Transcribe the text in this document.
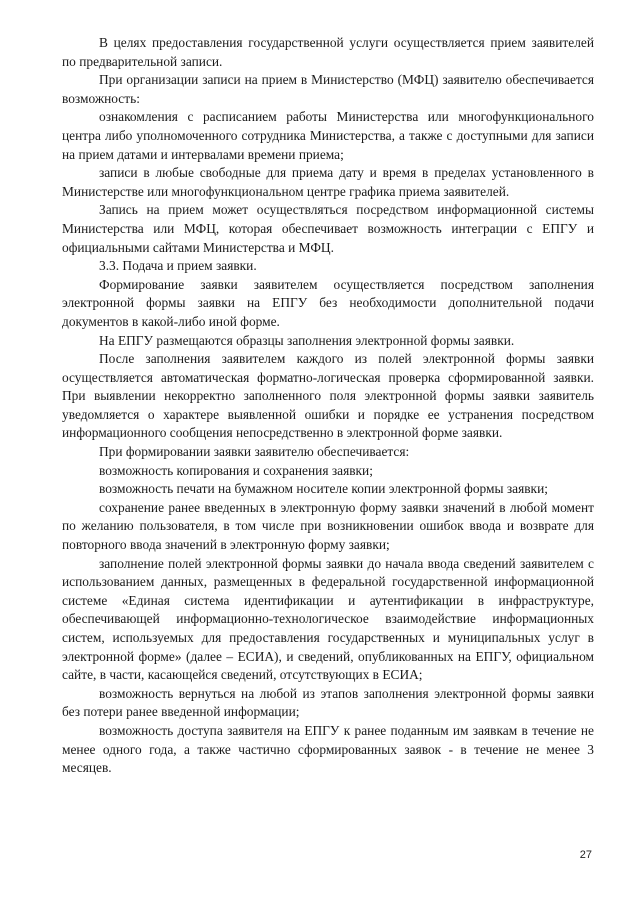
В целях предоставления государственной услуги осуществляется прием заявителей по предварительной записи.

При организации записи на прием в Министерство (МФЦ) заявителю обеспечивается возможность:

ознакомления с расписанием работы Министерства или многофункционального центра либо уполномоченного сотрудника Министерства, а также с доступными для записи на прием датами и интервалами времени приема;

записи в любые свободные для приема дату и время в пределах установленного в Министерстве или многофункциональном центре графика приема заявителей.

Запись на прием может осуществляться посредством информационной системы Министерства или МФЦ, которая обеспечивает возможность интеграции с ЕПГУ и официальными сайтами Министерства и МФЦ.

3.3. Подача и прием заявки.

Формирование заявки заявителем осуществляется посредством заполнения электронной формы заявки на ЕПГУ без необходимости дополнительной подачи документов в какой-либо иной форме.

На ЕПГУ размещаются образцы заполнения электронной формы заявки.

После заполнения заявителем каждого из полей электронной формы заявки осуществляется автоматическая форматно-логическая проверка сформированной заявки. При выявлении некорректно заполненного поля электронной формы заявки заявитель уведомляется о характере выявленной ошибки и порядке ее устранения посредством информационного сообщения непосредственно в электронной форме заявки.

При формировании заявки заявителю обеспечивается:

возможность копирования и сохранения заявки;

возможность печати на бумажном носителе копии электронной формы заявки;

сохранение ранее введенных в электронную форму заявки значений в любой момент по желанию пользователя, в том числе при возникновении ошибок ввода и возврате для повторного ввода значений в электронную форму заявки;

заполнение полей электронной формы заявки до начала ввода сведений заявителем с использованием данных, размещенных в федеральной государственной информационной системе «Единая система идентификации и аутентификации в инфраструктуре, обеспечивающей информационно-технологическое взаимодействие информационных систем, используемых для предоставления государственных и муниципальных услуг в электронной форме» (далее – ЕСИА), и сведений, опубликованных на ЕПГУ, официальном сайте, в части, касающейся сведений, отсутствующих в ЕСИА;

возможность вернуться на любой из этапов заполнения электронной формы заявки без потери ранее введенной информации;

возможность доступа заявителя на ЕПГУ к ранее поданным им заявкам в течение не менее одного года, а также частично сформированных заявок - в течение не менее 3 месяцев.

27
